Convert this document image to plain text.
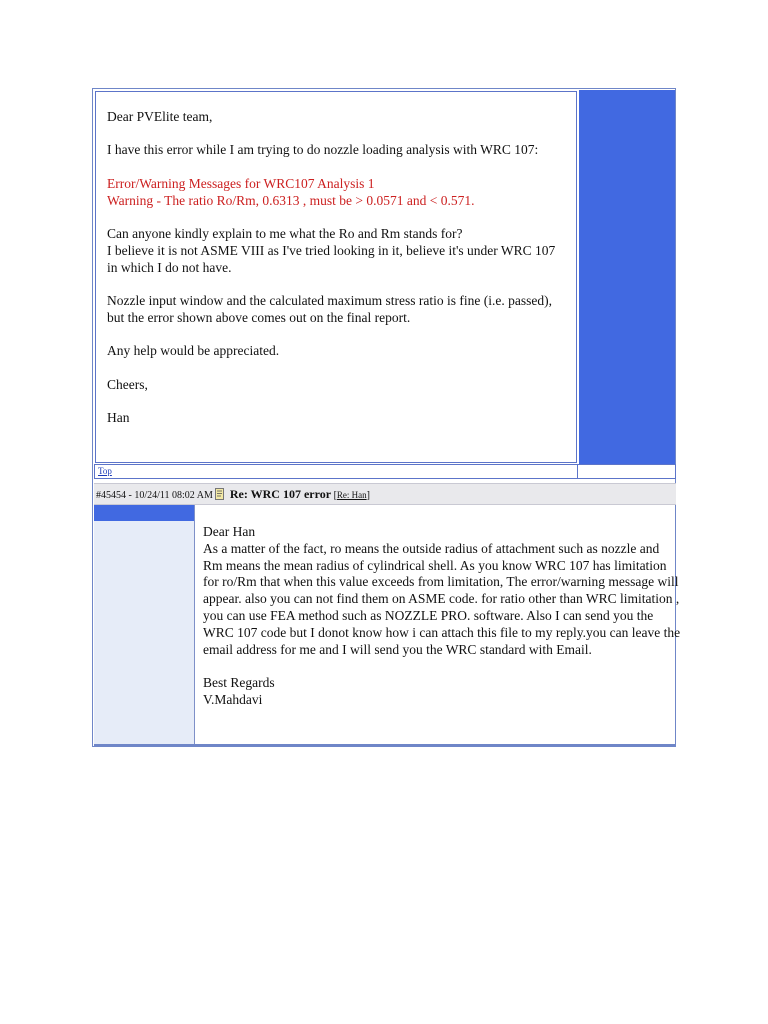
Dear PVElite team,

I have this error while I am trying to do nozzle loading analysis with WRC 107:

Error/Warning Messages for WRC107 Analysis 1
Warning - The ratio Ro/Rm, 0.6313 , must be > 0.0571 and < 0.571.

Can anyone kindly explain to me what the Ro and Rm stands for?
I believe it is not ASME VIII as I've tried looking in it, believe it's under WRC 107 in which I do not have.

Nozzle input window and the calculated maximum stress ratio is fine (i.e. passed), but the error shown above comes out on the final report.

Any help would be appreciated.

Cheers,

Han

Top
#45454 - 10/24/11 08:02 AM Re: WRC 107 error [Re: Han]
Dear Han

As a matter of the fact, ro means the outside radius of attachment such as nozzle and Rm means the mean radius of cylindrical shell. As you know WRC 107 has limitation for ro/Rm that when this value exceeds from limitation, The error/warning message will appear. also you can not find them on ASME code. for ratio other than WRC limitation , you can use FEA method such as NOZZLE PRO. software. Also I can send you the WRC 107 code but I donot know how i can attach this file to my reply.you can leave the email address for me and I will send you the WRC standard with Email.

Best Regards
V.Mahdavi
